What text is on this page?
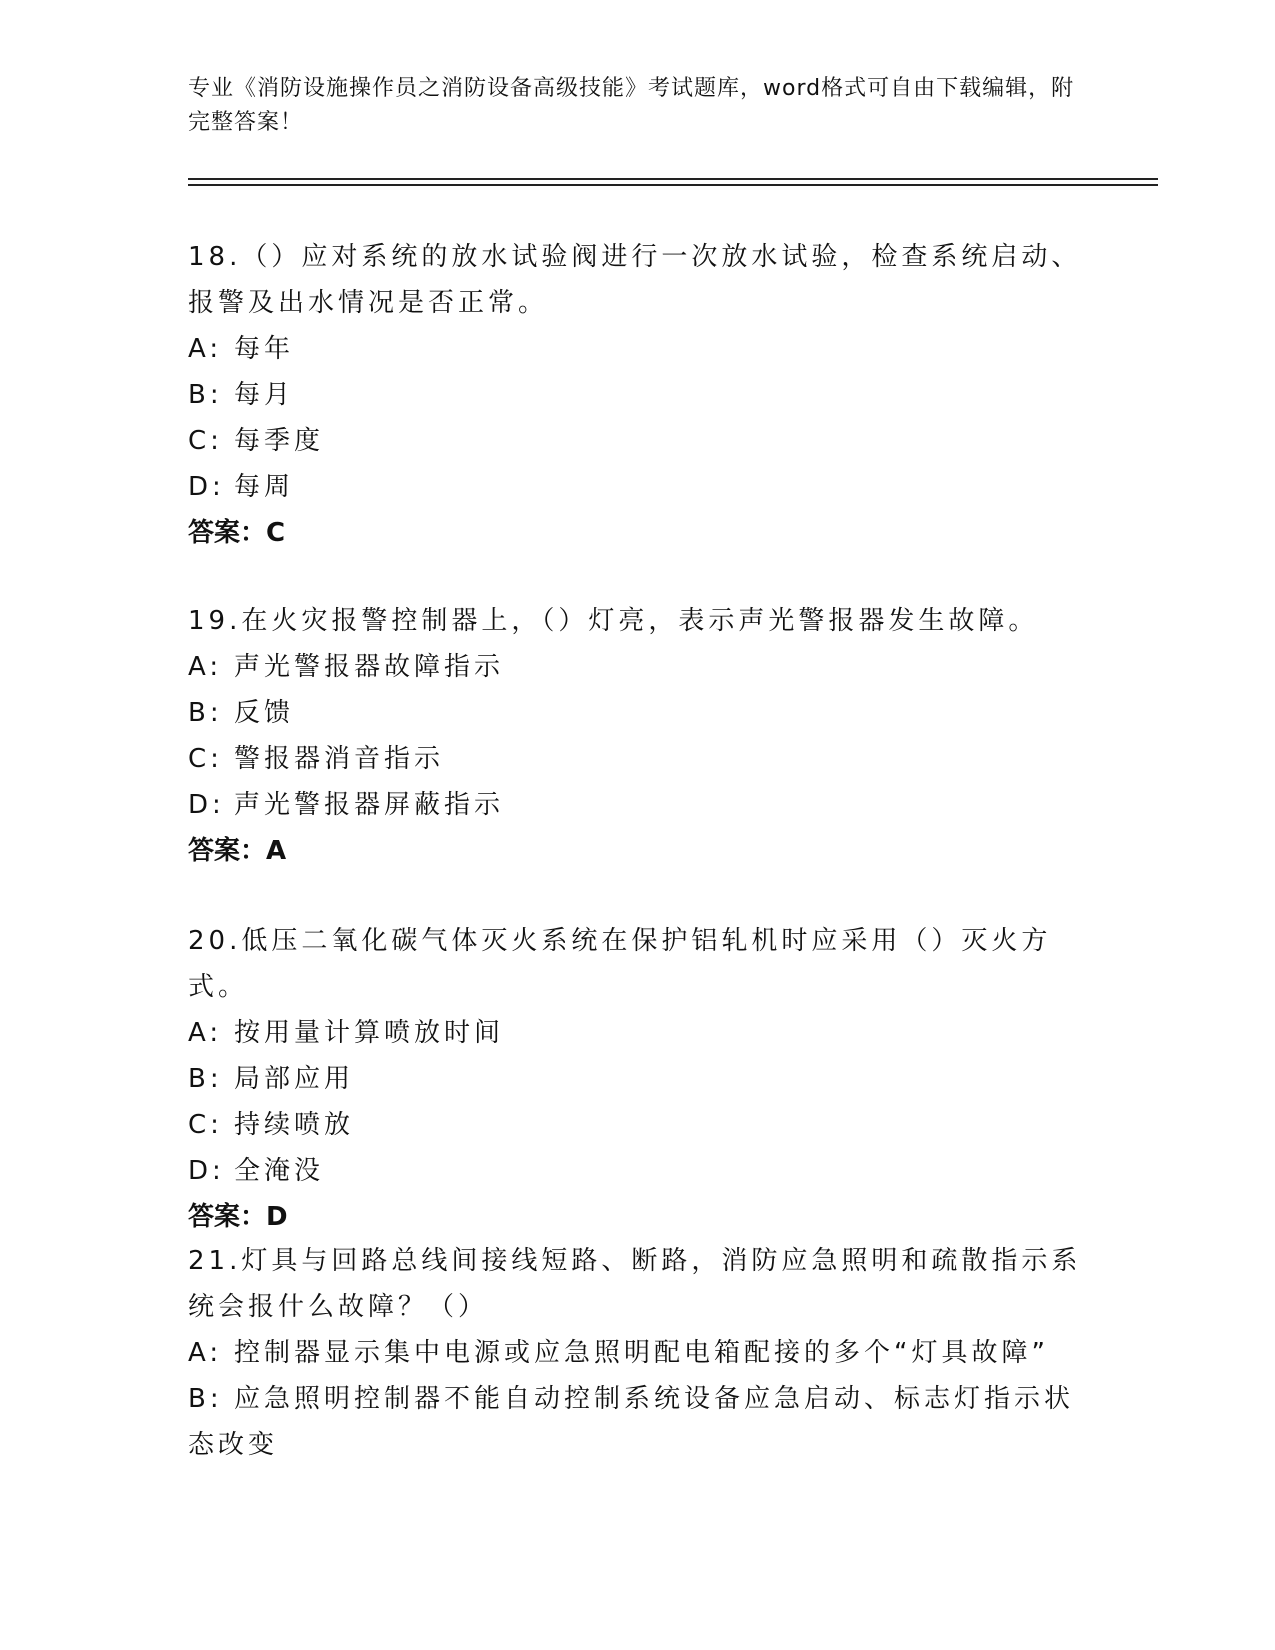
专业《消防设施操作员之消防设备高级技能》考试题库，word格式可自由下载编辑，附完整答案！

18.（）应对系统的放水试验阀进行一次放水试验，检查系统启动、报警及出水情况是否正常。

A: 每年

B: 每月

C: 每季度

D: 每周

答案：C

19.在火灾报警控制器上，（）灯亮，表示声光警报器发生故障。

A: 声光警报器故障指示

B: 反馈

C: 警报器消音指示

D: 声光警报器屏蔽指示

答案：A

20.低压二氧化碳气体灭火系统在保护铝轧机时应采用（）灭火方式。

A: 按用量计算喷放时间

B: 局部应用

C: 持续喷放

D: 全淹没

答案：D

21.灯具与回路总线间接线短路、断路，消防应急照明和疏散指示系统会报什么故障？（）

A: 控制器显示集中电源或应急照明配电箱配接的多个“灯具故障”

B: 应急照明控制器不能自动控制系统设备应急启动、标志灯指示状态改变
